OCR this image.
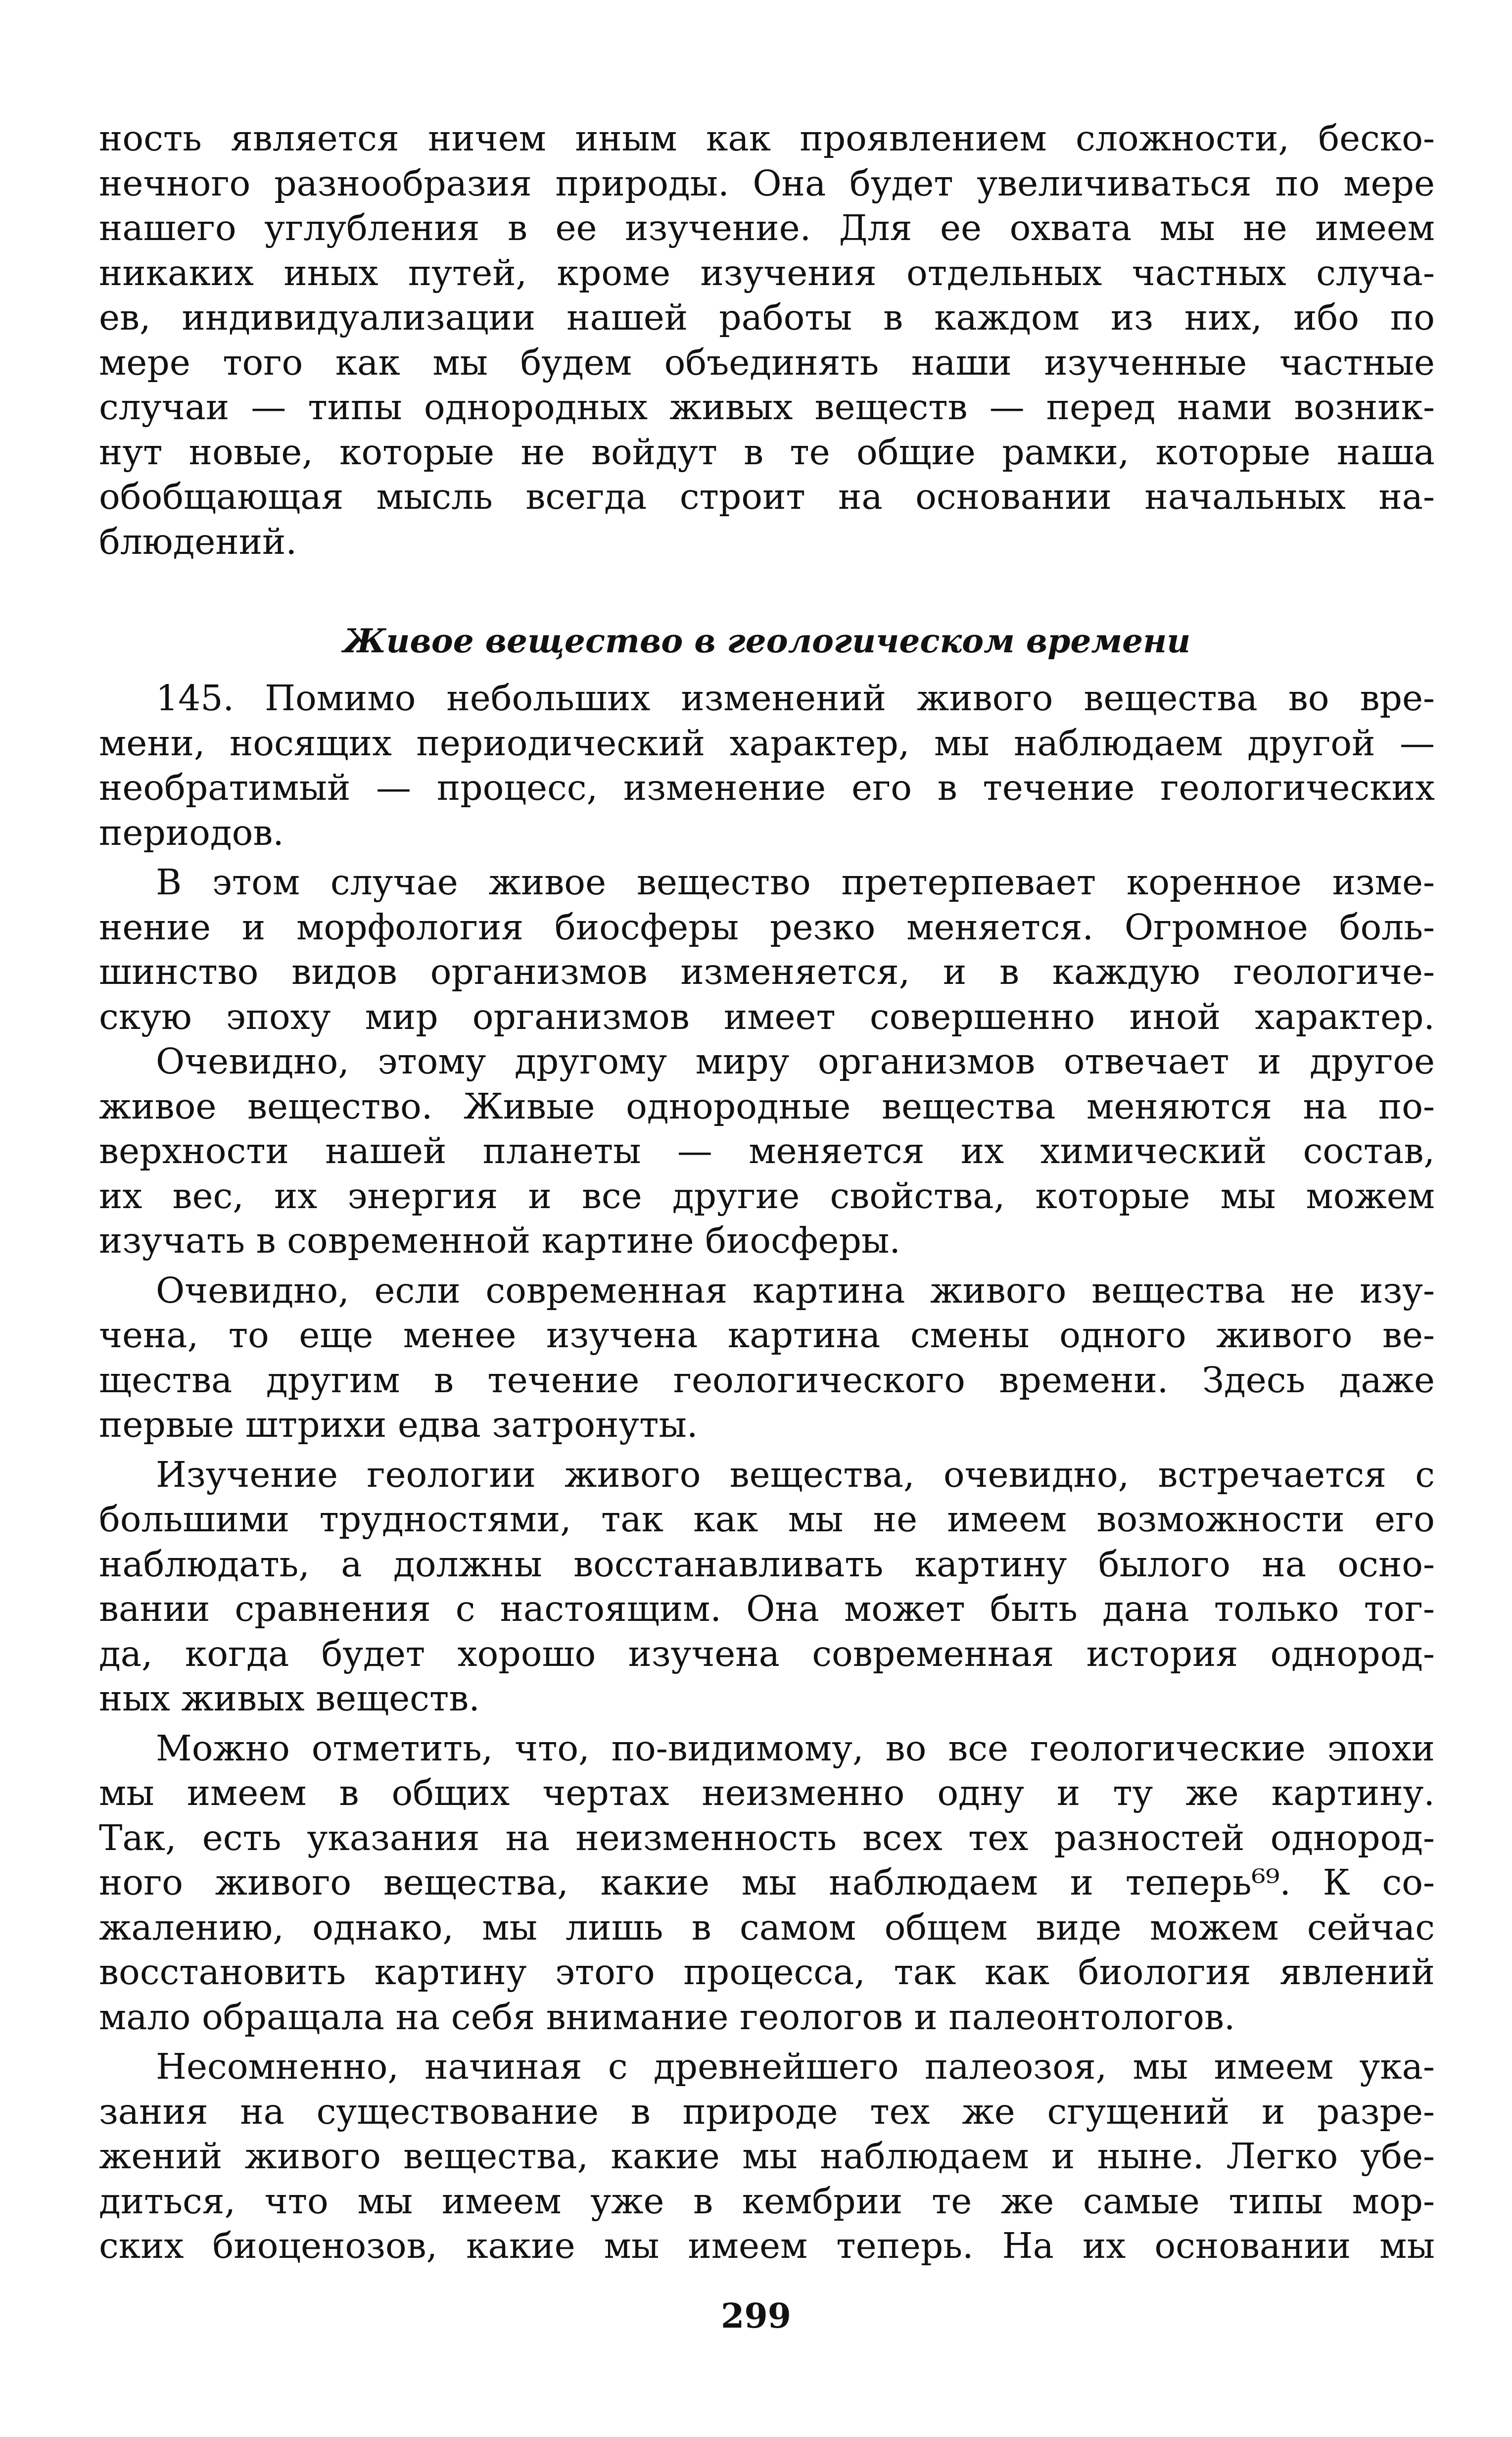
ность является ничем иным как проявлением сложности, беско-
нечного разнообразия природы. Она будет увеличиваться по мере
нашего углубления в ее изучение. Для ее охвата мы не имеем
никаких иных путей, кроме изучения отдельных частных случа-
ев, индивидуализации нашей работы в каждом из них, ибо по
мере того как мы будем объединять наши изученные частные
случаи — типы однородных живых веществ — перед нами возник-
нут новые, которые не войдут в те общие рамки, которые наша
обобщающая мысль всегда строит на основании начальных на-
блюдений.
Живое вещество в геологическом времени
145. Помимо небольших изменений живого вещества во вре-
мени, носящих периодический характер, мы наблюдаем другой —
необратимый — процесс, изменение его в течение геологических
периодов.
В этом случае живое вещество претерпевает коренное изме-
нение и морфология биосферы резко меняется. Огромное боль-
шинство видов организмов изменяется, и в каждую геологиче-
скую эпоху мир организмов имеет совершенно иной характер.
Очевидно, этому другому миру организмов отвечает и другое
живое вещество. Живые однородные вещества меняются на по-
верхности нашей планеты — меняется их химический состав,
их вес, их энергия и все другие свойства, которые мы можем
изучать в современной картине биосферы.
Очевидно, если современная картина живого вещества не изу-
чена, то еще менее изучена картина смены одного живого ве-
щества другим в течение геологического времени. Здесь даже
первые штрихи едва затронуты.
Изучение геологии живого вещества, очевидно, встречается с
большими трудностями, так как мы не имеем возможности его
наблюдать, а должны восстанавливать картину былого на осно-
вании сравнения с настоящим. Она может быть дана только тог-
да, когда будет хорошо изучена современная история однород-
ных живых веществ.
Можно отметить, что, по-видимому, во все геологические эпохи
мы имеем в общих чертах неизменно одну и ту же картину.
Так, есть указания на неизменность всех тех разностей однород-
ного живого вещества, какие мы наблюдаем и теперь⁶⁹. К со-
жалению, однако, мы лишь в самом общем виде можем сейчас
восстановить картину этого процесса, так как биология явлений
мало обращала на себя внимание геологов и палеонтологов.
Несомненно, начиная с древнейшего палеозоя, мы имеем ука-
зания на существование в природе тех же сгущений и разре-
жений живого вещества, какие мы наблюдаем и ныне. Легко убе-
диться, что мы имеем уже в кембрии те же самые типы мор-
ских биоценозов, какие мы имеем теперь. На их основании мы
299
